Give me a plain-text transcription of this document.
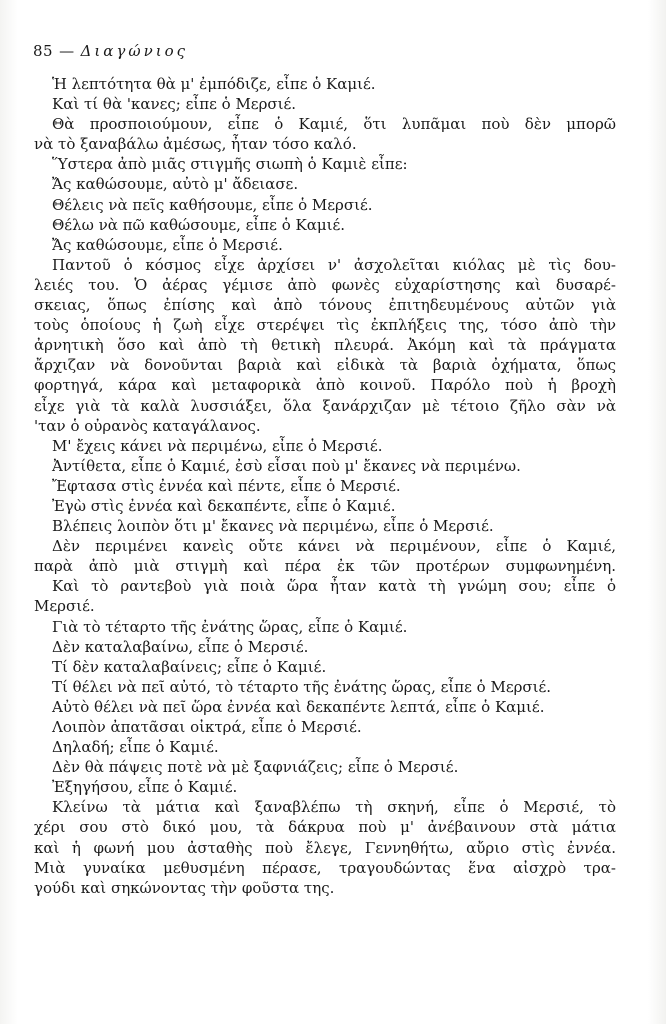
85 — Διαγώνιος
Ἡ λεπτότητα θὰ μ' ἐμπόδιζε, εἶπε ὁ Καμιέ.
Καὶ τί θὰ 'κανες; εἶπε ὁ Μερσιέ.
Θὰ προσποιούμουν, εἶπε ὁ Καμιέ, ὅτι λυπᾶμαι ποὺ δὲν μπορῶ
νὰ τὸ ξαναβάλω ἀμέσως, ἦταν τόσο καλό.
Ὕστερα ἀπὸ μιᾶς στιγμῆς σιωπὴ ὁ Καμιὲ εἶπε:
Ἄς καθώσουμε, αὐτὸ μ' ἄδειασε.
Θέλεις νὰ πεῖς καθήσουμε, εἶπε ὁ Μερσιέ.
Θέλω νὰ πῶ καθώσουμε, εἶπε ὁ Καμιέ.
Ἄς καθώσουμε, εἶπε ὁ Μερσιέ.
Παντοῦ ὁ κόσμος εἶχε ἀρχίσει ν' ἀσχολεῖται κιόλας μὲ τὶς δου-
λειές του. Ὁ ἀέρας γέμισε ἀπὸ φωνὲς εὐχαρίστησης καὶ δυσαρέ-
σκειας, ὅπως ἐπίσης καὶ ἀπὸ τόνους ἐπιτηδευμένους αὐτῶν γιὰ
τοὺς ὁποίους ἡ ζωὴ εἶχε στερέψει τὶς ἐκπλήξεις της, τόσο ἀπὸ τὴν
ἀρνητικὴ ὅσο καὶ ἀπὸ τὴ θετικὴ πλευρά. Ἀκόμη καὶ τὰ πράγματα
ἄρχιζαν νὰ δονοῦνται βαριὰ καὶ εἰδικὰ τὰ βαριὰ ὀχήματα, ὅπως
φορτηγά, κάρα καὶ μεταφορικὰ ἀπὸ κοινοῦ. Παρόλο ποὺ ἡ βροχὴ
εἶχε γιὰ τὰ καλὰ λυσσιάξει, ὅλα ξανάρχιζαν μὲ τέτοιο ζῆλο σὰν νὰ
'ταν ὁ οὐρανὸς καταγάλανος.
Μ' ἔχεις κάνει νὰ περιμένω, εἶπε ὁ Μερσιέ.
Ἀντίθετα, εἶπε ὁ Καμιέ, ἐσὺ εἶσαι ποὺ μ' ἔκανες νὰ περιμένω.
Ἔφτασα στὶς ἐννέα καὶ πέντε, εἶπε ὁ Μερσιέ.
Ἐγὼ στὶς ἐννέα καὶ δεκαπέντε, εἶπε ὁ Καμιέ.
Βλέπεις λοιπὸν ὅτι μ' ἔκανες νὰ περιμένω, εἶπε ὁ Μερσιέ.
Δὲν περιμένει κανεὶς οὔτε κάνει νὰ περιμένουν, εἶπε ὁ Καμιέ,
παρὰ ἀπὸ μιὰ στιγμὴ καὶ πέρα ἐκ τῶν προτέρων συμφωνημένη.
Καὶ τὸ ραντεβοὺ γιὰ ποιὰ ὥρα ἦταν κατὰ τὴ γνώμη σου; εἶπε ὁ
Μερσιέ.
Γιὰ τὸ τέταρτο τῆς ἐνάτης ὥρας, εἶπε ὁ Καμιέ.
Δὲν καταλαβαίνω, εἶπε ὁ Μερσιέ.
Τί δὲν καταλαβαίνεις; εἶπε ὁ Καμιέ.
Τί θέλει νὰ πεῖ αὐτό, τὸ τέταρτο τῆς ἐνάτης ὥρας, εἶπε ὁ Μερσιέ.
Αὐτὸ θέλει νὰ πεῖ ὥρα ἐννέα καὶ δεκαπέντε λεπτά, εἶπε ὁ Καμιέ.
Λοιπὸν ἀπατᾶσαι οἰκτρά, εἶπε ὁ Μερσιέ.
Δηλαδή; εἶπε ὁ Καμιέ.
Δὲν θὰ πάψεις ποτὲ νὰ μὲ ξαφνιάζεις; εἶπε ὁ Μερσιέ.
Ἐξηγήσου, εἶπε ὁ Καμιέ.
Κλείνω τὰ μάτια καὶ ξαναβλέπω τὴ σκηνή, εἶπε ὁ Μερσιέ, τὸ
χέρι σου στὸ δικό μου, τὰ δάκρυα ποὺ μ' ἀνέβαινουν στὰ μάτια
καὶ ἡ φωνή μου ἀσταθὴς ποὺ ἔλεγε, Γεννηθήτω, αὔριο στὶς ἐννέα.
Μιὰ γυναίκα μεθυσμένη πέρασε, τραγουδώντας ἕνα αἰσχρὸ τρα-
γούδι καὶ σηκώνοντας τὴν φοῦστα της.
